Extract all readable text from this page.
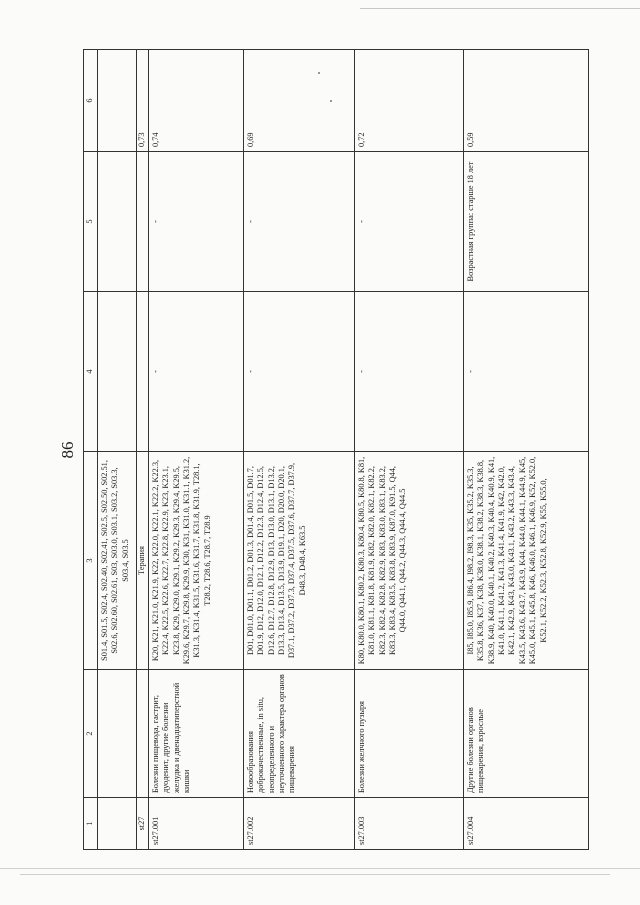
86
1	2	3	4	5	6
		S01.4, S01.5, S02.4, S02.40, S02.41, S02.5, S02.50, S02.51, S02.6, S02.60, S02.61, S03, S03.0, S03.1, S03.2, S03.3, S03.4, S03.5			
st27		Терапия			0,73
st27.001	Болезни пищевода, гастрит, дуоденит, другие болезни желудка и двенадцатиперстной кишки	K20, K21, K21.0, K21.9, K22, K22.0, K22.1, K22.2, K22.3, K22.4, K22.5, K22.6, K22.7, K22.8, K22.9, K23, K23.1, K23.8, K29, K29.0, K29.1, K29.2, K29.3, K29.4, K29.5, K29.6, K29.7, K29.8, K29.9, K30, K31, K31.0, K31.1, K31.2, K31.3, K31.4, K31.5, K31.6, K31.7, K31.8, K31.9, T28.1, T28.2, T28.6, T28.7, T28.9	-	-	0,74
st27.002	Новообразования доброкачественные, in situ, неопределенного и неуточненного характера органов пищеварения	D01, D01.0, D01.1, D01.2, D01.3, D01.4, D01.5, D01.7, D01.9, D12, D12.0, D12.1, D12.2, D12.3, D12.4, D12.5, D12.6, D12.7, D12.8, D12.9, D13, D13.0, D13.1, D13.2, D13.3, D13.4, D13.5, D13.9, D19.1, D20, D20.0, D20.1, D37.1, D37.2, D37.3, D37.4, D37.5, D37.6, D37.7, D37.9, D48.3, D48.4, K63.5	-	-	0,69
st27.003	Болезни желчного пузыря	K80, K80.0, K80.1, K80.2, K80.3, K80.4, K80.5, K80.8, K81, K81.0, K81.1, K81.8, K81.9, K82, K82.0, K82.1, K82.2, K82.3, K82.4, K82.8, K82.9, K83, K83.0, K83.1, K83.2, K83.3, K83.4, K83.5, K83.8, K83.9, K87.0, K91.5, Q44, Q44.0, Q44.1, Q44.2, Q44.3, Q44.4, Q44.5	-	-	0,72
st27.004	Другие болезни органов пищеварения, взрослые	I85, I85.0, I85.9, I86.4, I98.2, I98.3, K35, K35.2, K35.3, K35.8, K36, K37, K38, K38.0, K38.1, K38.2, K38.3, K38.8, K38.9, K40, K40.0, K40.1, K40.2, K40.3, K40.4, K40.9, K41, K41.0, K41.1, K41.2, K41.3, K41.4, K41.9, K42, K42.0, K42.1, K42.9, K43, K43.0, K43.1, K43.2, K43.3, K43.4, K43.5, K43.6, K43.7, K43.9, K44, K44.0, K44.1, K44.9, K45, K45.0, K45.1, K45.8, K46, K46.0, K46.1, K46.9, K52, K52.0, K52.1, K52.2, K52.3, K52.8, K52.9, K55, K55.0,	-	Возрастная группа: старше 18 лет	0,59
